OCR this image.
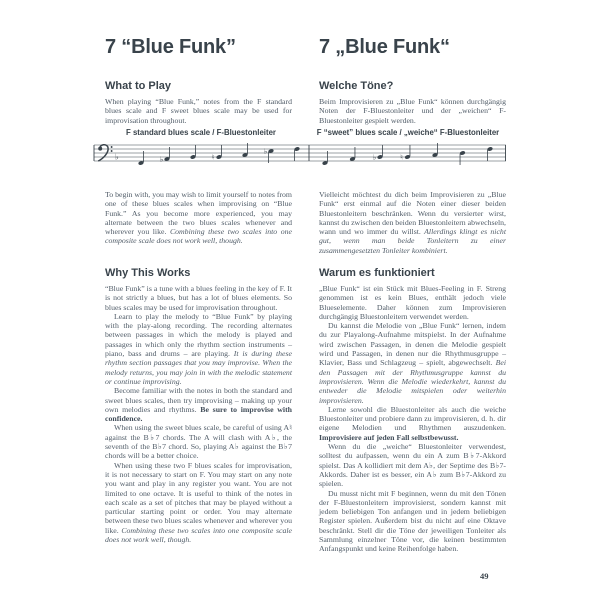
7 “Blue Funk”	7 „Blue Funk“
What to Play	Welche Töne?

When playing “Blue Funk,” notes from the F standard blues scale and F sweet blues scale may be used for improvisation throughout.

Beim Improvisieren zu „Blue Funk“ können durchgängig Noten der F-Bluestonleiter und der „weichen“ F-Bluestonleiter gespielt werden.

F standard blues scale / F-Bluestonleiter	F “sweet” blues scale / „weiche“ F-Bluestonleiter
♭	♭	♮
♭
♭	♮

To begin with, you may wish to limit yourself to notes from one of these blues scales when improvising on “Blue Funk.” As you become more experienced, you may alternate between the two blues scales whenever and wherever you like. Combining these two scales into one composite scale does not work well, though.

Vielleicht möchtest du dich beim Improvisieren zu „Blue Funk“ erst einmal auf die Noten einer dieser beiden Bluestonleitern beschränken. Wenn du versierter wirst, kannst du zwischen den beiden Bluestonleitern abwechseln, wann und wo immer du willst. Allerdings klingt es nicht gut, wenn man beide Tonleitern zu einer zusammengesetzten Tonleiter kombiniert.

Why This Works	Warum es funktioniert

“Blue Funk” is a tune with a blues feeling in the key of F. It is not strictly a blues, but has a lot of blues elements. So blues scales may be used for improvisation throughout.

Learn to play the melody to “Blue Funk” by playing with the play-along recording. The recording alternates between passages in which the melody is played and passages in which only the rhythm section instruments – piano, bass and drums – are playing. It is during these rhythm section passages that you may improvise. When the melody returns, you may join in with the melodic statement or continue improvising.

Become familiar with the notes in both the standard and sweet blues scales, then try improvising – making up your own melodies and rhythms. Be sure to improvise with confidence.

When using the sweet blues scale, be careful of using A♮ against the B♭7 chords. The A will clash with A♭, the seventh of the B♭7 chord. So, playing A♭ against the B♭7 chords will be a better choice.

When using these two F blues scales for improvisation, it is not necessary to start on F. You may start on any note you want and play in any register you want. You are not limited to one octave. It is useful to think of the notes in each scale as a set of pitches that may be played without a particular starting point or order. You may alternate between these two blues scales whenever and wherever you like. Combining these two scales into one composite scale does not work well, though.

„Blue Funk“ ist ein Stück mit Blues-Feeling in F. Streng genommen ist es kein Blues, enthält jedoch viele Blueselemente. Daher können zum Improvisieren durchgängig Bluestonleitern verwendet werden.

Du kannst die Melodie von „Blue Funk“ lernen, indem du zur Playalong-Aufnahme mitspielst. In der Aufnahme wird zwischen Passagen, in denen die Melodie gespielt wird und Passagen, in denen nur die Rhythmusgruppe – Klavier, Bass und Schlagzeug – spielt, abgewechselt. Bei den Passagen mit der Rhythmusgruppe kannst du improvisieren. Wenn die Melodie wiederkehrt, kannst du entweder die Melodie mitspielen oder weiterhin improvisieren.

Lerne sowohl die Bluestonleiter als auch die weiche Bluestonleiter und probiere dann zu improvisieren, d. h. dir eigene Melodien und Rhythmen auszudenken. Improvisiere auf jeden Fall selbstbewusst.

Wenn du die „weiche“ Bluestonleiter verwendest, solltest du aufpassen, wenn du ein A zum B♭7-Akkord spielst. Das A kollidiert mit dem A♭, der Septime des B♭7-Akkords. Daher ist es besser, ein A♭ zum B♭7-Akkord zu spielen.

Du musst nicht mit F beginnen, wenn du mit den Tönen der F-Bluestonleitern improvisierst, sondern kannst mit jedem beliebigen Ton anfangen und in jedem beliebigen Register spielen. Außerdem bist du nicht auf eine Oktave beschränkt. Stell dir die Töne der jeweiligen Tonleiter als Sammlung einzelner Töne vor, die keinen bestimmten Anfangspunkt und keine Reihenfolge haben.

49
